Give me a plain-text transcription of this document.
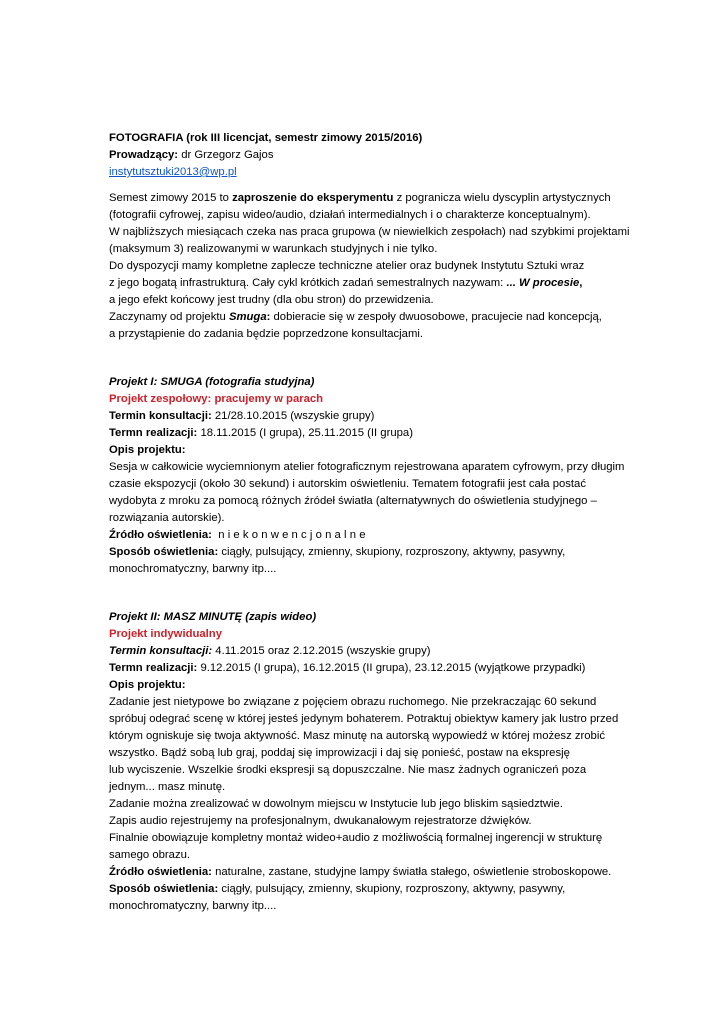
FOTOGRAFIA (rok III licencjat, semestr zimowy 2015/2016)
Prowadzący: dr Grzegorz Gajos
instytutsztuki2013@wp.pl
Semest zimowy 2015 to zaproszenie do eksperymentu z pogranicza wielu dyscyplin artystycznych
(fotografii cyfrowej, zapisu wideo/audio, działań intermedialnych i o charakterze konceptualnym).
W najbliższych miesiącach czeka nas praca grupowa (w niewielkich zespołach) nad szybkimi projektami
(maksymum 3) realizowanymi w warunkach studyjnych i nie tylko.
Do dyspozycji mamy kompletne zaplecze techniczne atelier oraz budynek Instytutu Sztuki wraz
z jego bogatą infrastrukturą. Cały cykl krótkich zadań semestralnych nazywam: ... W procesie,
a jego efekt końcowy jest trudny (dla obu stron) do przewidzenia.
Zaczynamy od projektu Smuga: dobieracie się w zespoły dwuosobowe, pracujecie nad koncepcją,
a przystąpienie do zadania będzie poprzedzone konsultacjami.
Projekt I: SMUGA (fotografia studyjna)
Projekt zespołowy: pracujemy w parach
Termin konsultacji: 21/28.10.2015 (wszyskie grupy)
Termn realizacji: 18.11.2015 (I grupa), 25.11.2015 (II grupa)
Opis projektu:
Sesja w całkowicie wyciemnionym atelier fotograficznym rejestrowana aparatem cyfrowym, przy długim
czasie ekspozycji (około 30 sekund) i autorskim oświetleniu. Tematem fotografii jest cała postać
wydobyta z mroku za pomocą różnych źródeł światła (alternatywnych do oświetlenia studyjnego –
rozwiązania autorskie).
Źródło oświetlenia: niekonwencjonalne
Sposób oświetlenia: ciągły, pulsujący, zmienny, skupiony, rozproszony, aktywny, pasywny,
monochromatyczny, barwny itp....
Projekt II: MASZ MINUTĘ (zapis wideo)
Projekt indywidualny
Termin konsultacji: 4.11.2015 oraz 2.12.2015 (wszyskie grupy)
Termn realizacji: 9.12.2015 (I grupa), 16.12.2015 (II grupa), 23.12.2015 (wyjątkowe przypadki)
Opis projektu:
Zadanie jest nietypowe bo związane z pojęciem obrazu ruchomego. Nie przekraczając 60 sekund
spróbuj odegrać scenę w której jesteś jedynym bohaterem. Potraktuj obiektyw kamery jak lustro przed
którym ogniskuje się twoja aktywność. Masz minutę na autorską wypowiedź w której możesz zrobić
wszystko. Bądź sobą lub graj, poddaj się improwizacji i daj się ponieść, postaw na ekspresję
lub wyciszenie. Wszelkie środki ekspresji są dopuszczalne. Nie masz żadnych ograniczeń poza
jednym... masz minutę.
Zadanie można zrealizować w dowolnym miejscu w Instytucie lub jego bliskim sąsiedztwie.
Zapis audio rejestrujemy na profesjonalnym, dwukanałowym rejestratorze dźwięków.
Finalnie obowiązuje kompletny montaż wideo+audio z możliwością formalnej ingerencji w strukturę
samego obrazu.
Źródło oświetlenia: naturalne, zastane, studyjne lampy światła stałego, oświetlenie stroboskopowe.
Sposób oświetlenia: ciągły, pulsujący, zmienny, skupiony, rozproszony, aktywny, pasywny,
monochromatyczny, barwny itp....
